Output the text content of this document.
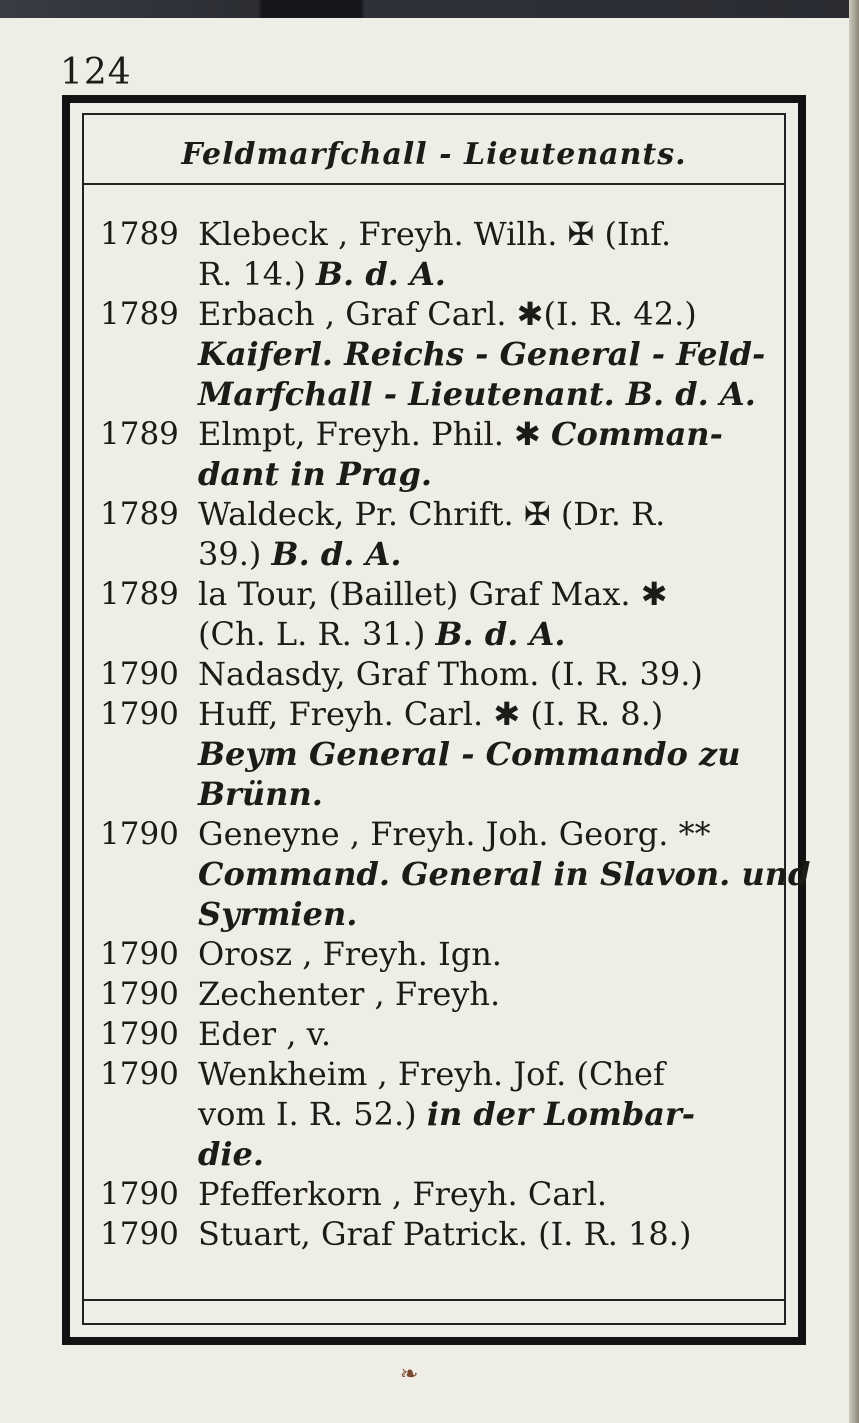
124
Feldmarfchall - Lieutenants.
1789 Klebeck , Freyh. Wilh. ✠ (Inf.
R. 14.) B. d. A.
1789 Erbach , Graf Carl. ✱(I. R. 42.)
Kaiferl. Reichs - General - Feld-
Marfchall - Lieutenant. B. d. A.
1789 Elmpt, Freyh. Phil. ✱ Comman-
dant in Prag.
1789 Waldeck, Pr. Chrift. ✠ (Dr. R.
39.) B. d. A.
1789 la Tour, (Baillet) Graf Max. ✱
(Ch. L. R. 31.) B. d. A.
1790 Nadasdy, Graf Thom. (I. R. 39.)
1790 Huff, Freyh. Carl. ✱ (I. R. 8.)
Beym General - Commando zu
Brünn.
1790 Geneyne , Freyh. Joh. Georg. **
Command. General in Slavon. und
Syrmien.
1790 Orosz , Freyh. Ign.
1790 Zechenter , Freyh.
1790 Eder , v.
1790 Wenkheim , Freyh. Jof. (Chef
vom I. R. 52.) in der Lombar-
die.
1790 Pfefferkorn , Freyh. Carl.
1790 Stuart, Graf Patrick. (I. R. 18.)
❧
